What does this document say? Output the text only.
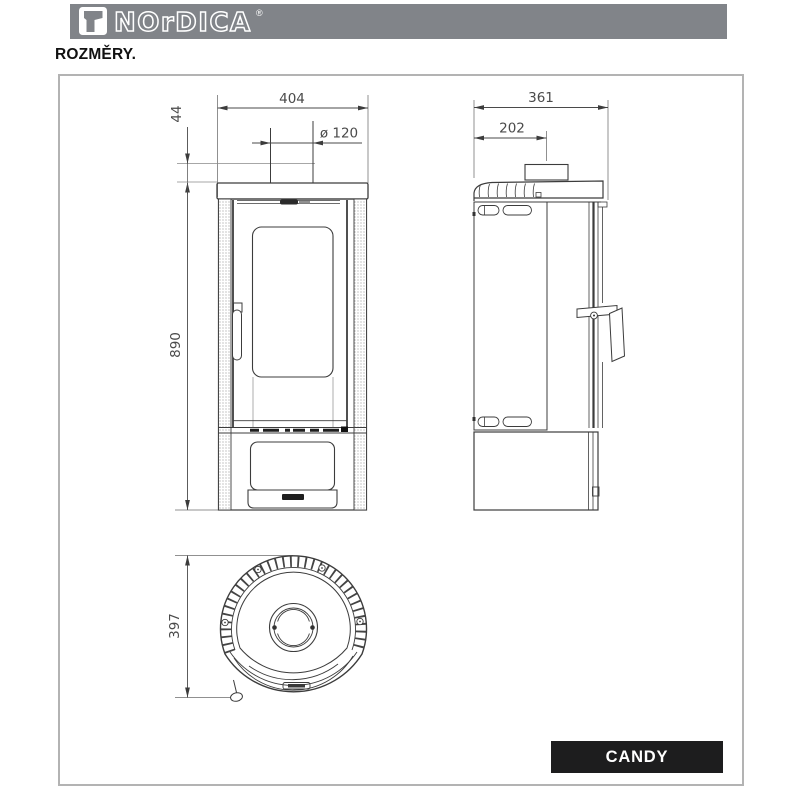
NOrDICA ®
ROZMĚRY.
404
ø 120
44
890
361
202
397
CANDY
